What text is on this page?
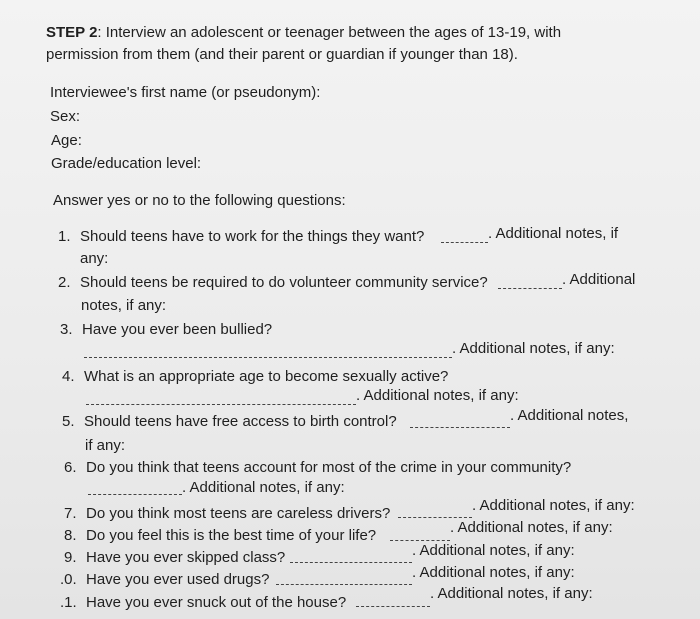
STEP 2: Interview an adolescent or teenager between the ages of 13-19, with
permission from them (and their parent or guardian if younger than 18).
Interviewee's first name (or pseudonym):
Sex:
Age:
Grade/education level:
Answer yes or no to the following questions:
1. Should teens have to work for the things they want?	. Additional notes, if
any:
2. Should teens be required to do volunteer community service?	. Additional
notes, if any:
3. Have you ever been bullied?
. Additional notes, if any:
4. What is an appropriate age to become sexually active?
. Additional notes, if any:
5. Should teens have free access to birth control?	. Additional notes,
if any:
6. Do you think that teens account for most of the crime in your community?
. Additional notes, if any:
7. Do you think most teens are careless drivers?	. Additional notes, if any:
8. Do you feel this is the best time of your life?	. Additional notes, if any:
9. Have you ever skipped class?	. Additional notes, if any:
.0. Have you ever used drugs?	. Additional notes, if any:
.1. Have you ever snuck out of the house?
. Additional notes, if any:
